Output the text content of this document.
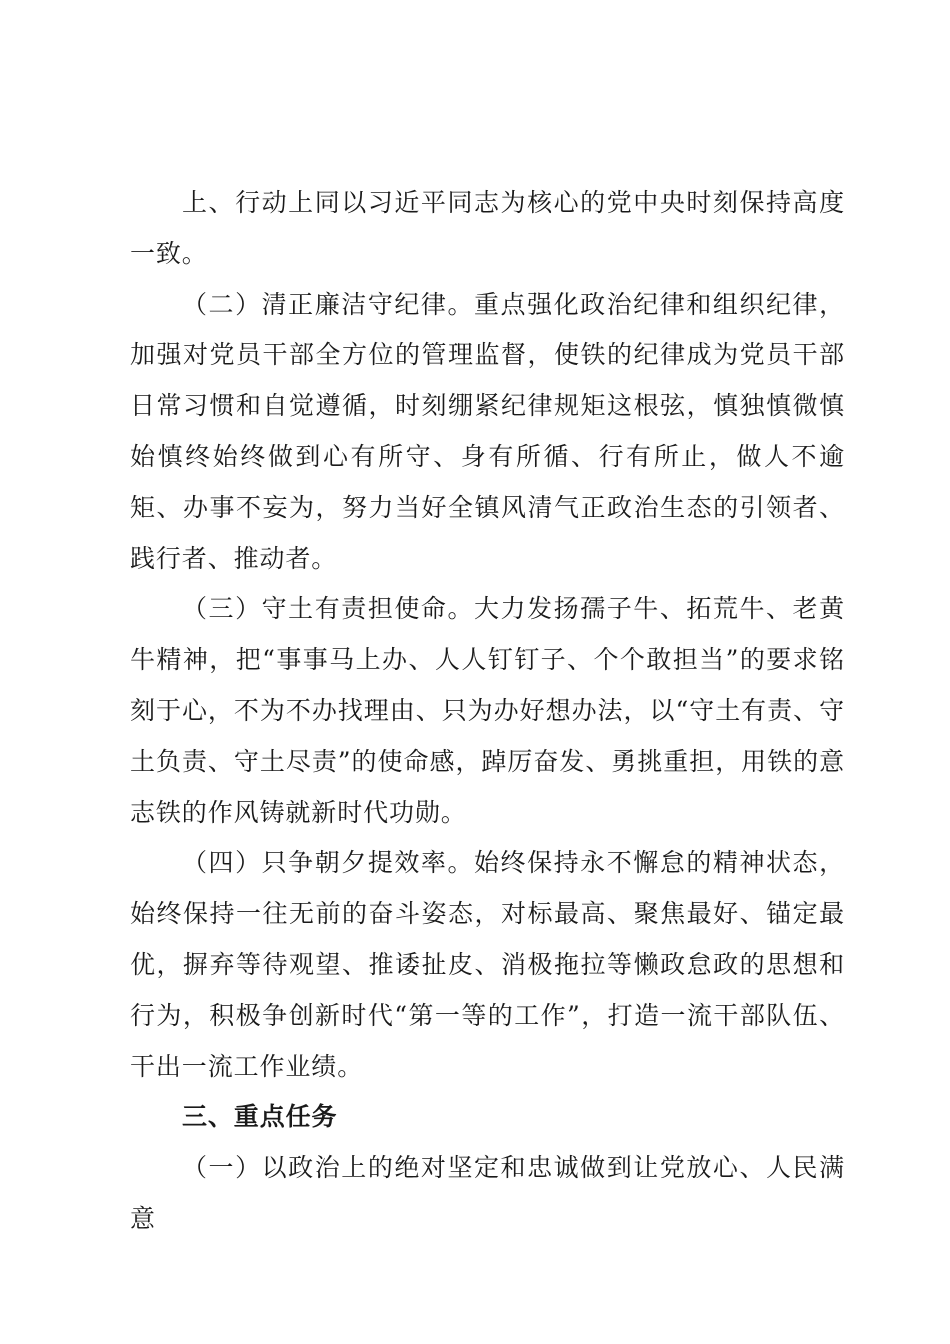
上、行动上同以习近平同志为核心的党中央时刻保持高度一致。

（二）清正廉洁守纪律。重点强化政治纪律和组织纪律，加强对党员干部全方位的管理监督，使铁的纪律成为党员干部日常习惯和自觉遵循，时刻绷紧纪律规矩这根弦，慎独慎微慎始慎终始终做到心有所守、身有所循、行有所止，做人不逾矩、办事不妄为，努力当好全镇风清气正政治生态的引领者、践行者、推动者。

（三）守土有责担使命。大力发扬孺子牛、拓荒牛、老黄牛精神，把“事事马上办、人人钉钉子、个个敢担当”的要求铭刻于心，不为不办找理由、只为办好想办法，以“守土有责、守土负责、守土尽责”的使命感，踔厉奋发、勇挑重担，用铁的意志铁的作风铸就新时代功勋。

（四）只争朝夕提效率。始终保持永不懈怠的精神状态，始终保持一往无前的奋斗姿态，对标最高、聚焦最好、锚定最优，摒弃等待观望、推诿扯皮、消极拖拉等懒政怠政的思想和行为，积极争创新时代“第一等的工作”，打造一流干部队伍、干出一流工作业绩。

三、重点任务

（一）以政治上的绝对坚定和忠诚做到让党放心、人民满意
